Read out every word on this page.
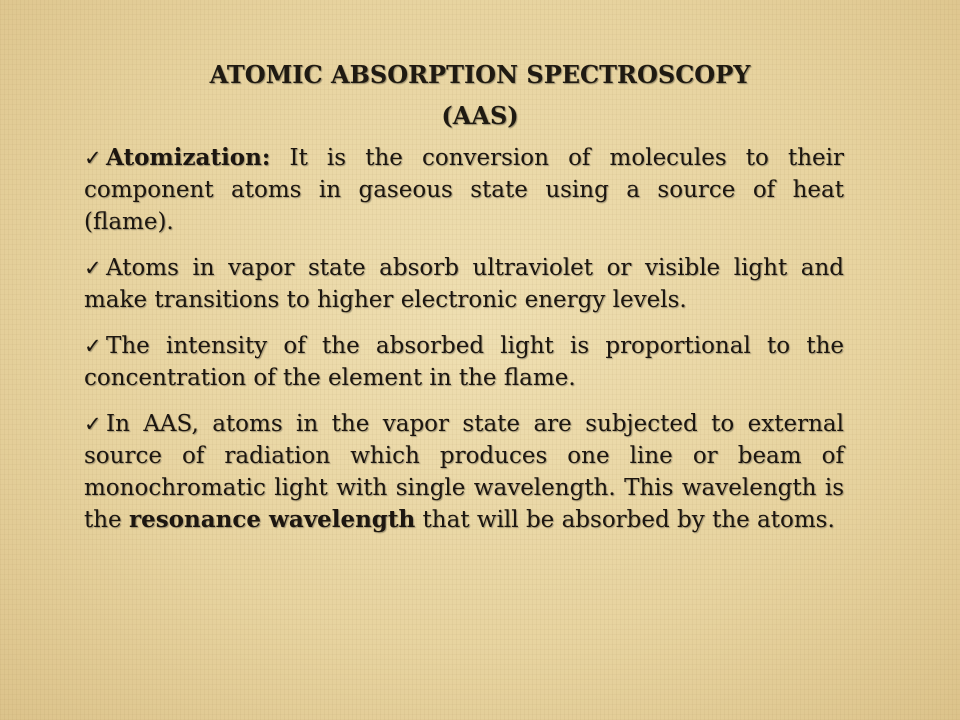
ATOMIC ABSORPTION SPECTROSCOPY
(AAS)
✓ Atomization: It is the conversion of molecules to their component atoms in gaseous state using a source of heat (flame).
✓ Atoms in vapor state absorb ultraviolet or visible light and make transitions to higher electronic energy levels.
✓ The intensity of the absorbed light is proportional to the concentration of the element in the flame.
✓ In AAS, atoms in the vapor state are subjected to external source of radiation which produces one line or beam of monochromatic light with single wavelength. This wavelength is the resonance wavelength that will be absorbed by the atoms.
